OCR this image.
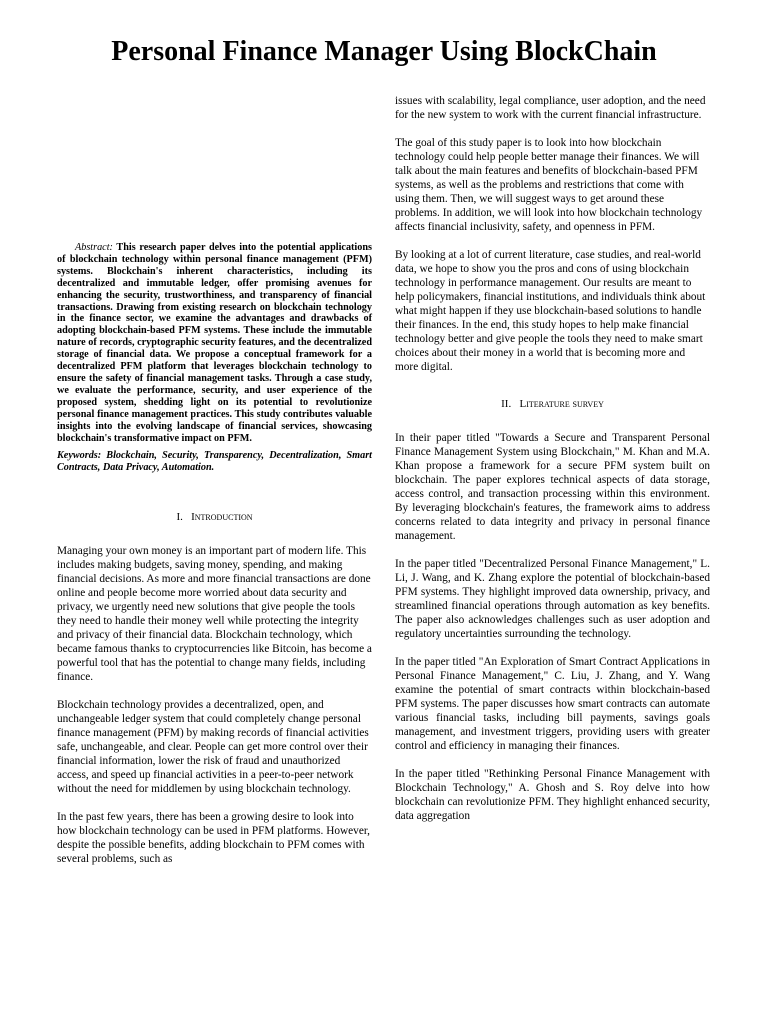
Personal Finance Manager Using BlockChain

Abstract: This research paper delves into the potential applications of blockchain technology within personal finance management (PFM) systems. Blockchain's inherent characteristics, including its decentralized and immutable ledger, offer promising avenues for enhancing the security, trustworthiness, and transparency of financial transactions. Drawing from existing research on blockchain technology in the finance sector, we examine the advantages and drawbacks of adopting blockchain-based PFM systems. These include the immutable nature of records, cryptographic security features, and the decentralized storage of financial data. We propose a conceptual framework for a decentralized PFM platform that leverages blockchain technology to ensure the safety of financial management tasks. Through a case study, we evaluate the performance, security, and user experience of the proposed system, shedding light on its potential to revolutionize personal finance management practices. This study contributes valuable insights into the evolving landscape of financial services, showcasing blockchain's transformative impact on PFM.

Keywords: Blockchain, Security, Transparency, Decentralization, Smart Contracts, Data Privacy, Automation.

I. Introduction

Managing your own money is an important part of modern life. This includes making budgets, saving money, spending, and making financial decisions. As more and more financial transactions are done online and people become more worried about data security and privacy, we urgently need new solutions that give people the tools they need to handle their money well while protecting the integrity and privacy of their financial data. Blockchain technology, which became famous thanks to cryptocurrencies like Bitcoin, has become a powerful tool that has the potential to change many fields, including finance.

Blockchain technology provides a decentralized, open, and unchangeable ledger system that could completely change personal finance management (PFM) by making records of financial activities safe, unchangeable, and clear. People can get more control over their financial information, lower the risk of fraud and unauthorized access, and speed up financial activities in a peer-to-peer network without the need for middlemen by using blockchain technology.

In the past few years, there has been a growing desire to look into how blockchain technology can be used in PFM platforms. However, despite the possible benefits, adding blockchain to PFM comes with several problems, such as

issues with scalability, legal compliance, user adoption, and the need for the new system to work with the current financial infrastructure.

The goal of this study paper is to look into how blockchain technology could help people better manage their finances. We will talk about the main features and benefits of blockchain-based PFM systems, as well as the problems and restrictions that come with using them. Then, we will suggest ways to get around these problems. In addition, we will look into how blockchain technology affects financial inclusivity, safety, and openness in PFM.

By looking at a lot of current literature, case studies, and real-world data, we hope to show you the pros and cons of using blockchain technology in performance management. Our results are meant to help policymakers, financial institutions, and individuals think about what might happen if they use blockchain-based solutions to handle their finances. In the end, this study hopes to help make financial technology better and give people the tools they need to make smart choices about their money in a world that is becoming more and more digital.

II. Literature survey

In their paper titled "Towards a Secure and Transparent Personal Finance Management System using Blockchain," M. Khan and M.A. Khan propose a framework for a secure PFM system built on blockchain. The paper explores technical aspects of data storage, access control, and transaction processing within this environment. By leveraging blockchain's features, the framework aims to address concerns related to data integrity and privacy in personal finance management.

In the paper titled "Decentralized Personal Finance Management," L. Li, J. Wang, and K. Zhang explore the potential of blockchain-based PFM systems. They highlight improved data ownership, privacy, and streamlined financial operations through automation as key benefits. The paper also acknowledges challenges such as user adoption and regulatory uncertainties surrounding the technology.

In the paper titled "An Exploration of Smart Contract Applications in Personal Finance Management," C. Liu, J. Zhang, and Y. Wang examine the potential of smart contracts within blockchain-based PFM systems. The paper discusses how smart contracts can automate various financial tasks, including bill payments, savings goals management, and investment triggers, providing users with greater control and efficiency in managing their finances.

In the paper titled "Rethinking Personal Finance Management with Blockchain Technology," A. Ghosh and S. Roy delve into how blockchain can revolutionize PFM. They highlight enhanced security, data aggregation
